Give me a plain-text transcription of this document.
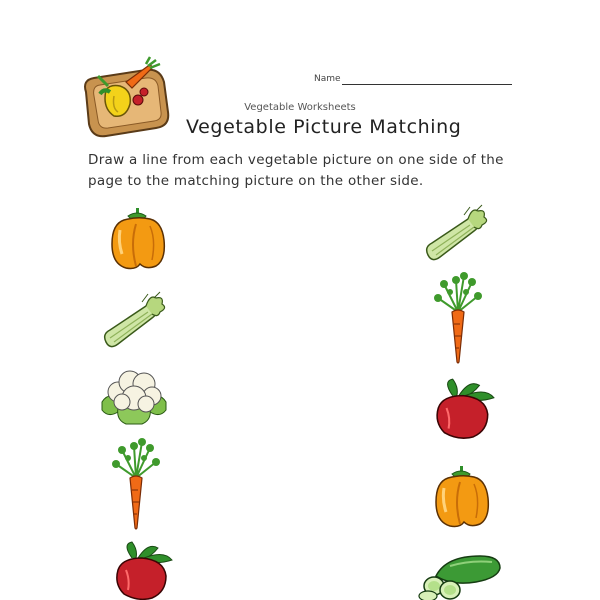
Name
Vegetable Worksheets
Vegetable Picture Matching
Draw a line from each vegetable picture on one side of the page to the matching picture on the other side.
